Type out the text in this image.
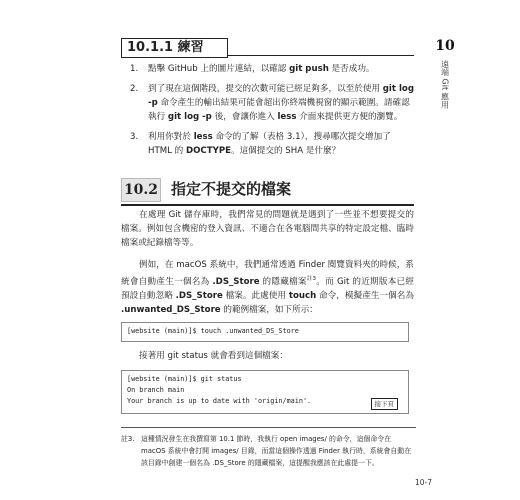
10
遠端 Git 應用
10.1.1 練習
1.	點擊 GitHub 上的圖片連結，以確認 git push 是否成功。
2.	到了現在這個階段，提交的次數可能已經足夠多，以至於使用 git log -p 命令產生的輸出結果可能會超出你終端機視窗的顯示範圍。請確認執行 git log -p 後，會讓你進入 less 介面來提供更方便的瀏覽。
3.	利用你對於 less 命令的了解（表格 3.1），搜尋哪次提交增加了 HTML 的 DOCTYPE。這個提交的 SHA 是什麼？
10.2 指定不提交的檔案

在處理 Git 儲存庫時，我們常見的問題就是遇到了一些並不想要提交的檔案。例如包含機密的登入資訊、不適合在各電腦間共享的特定設定檔、臨時檔案或紀錄檔等等。

例如，在 macOS 系統中，我們通常透過 Finder 閱覽資料夾的時候，系統會自動產生一個名為 .DS_Store 的隱藏檔案$^{註3}$。而 Git 的近期版本已經預設自動忽略 .DS_Store 檔案。此處使用 touch 命令，模擬產生一個名為 .unwanted_DS_Store 的範例檔案，如下所示：

[website (main)]$ touch .unwanted_DS_Store

接著用 git status 就會看到這個檔案：

[website (main)]$ git status
On branch main
Your branch is up to date with 'origin/main'.	接下頁
註3. 這種情況發生在我撰寫第 10.1 節時，我執行 open images/ 的命令，這個命令在 macOS 系統中會打開 images/ 目錄，而當這個操作透過 Finder 執行時，系統會自動在該目錄中創建一個名為 .DS_Store 的隱藏檔案，這提醒我應該在此處提一下。
10-7
